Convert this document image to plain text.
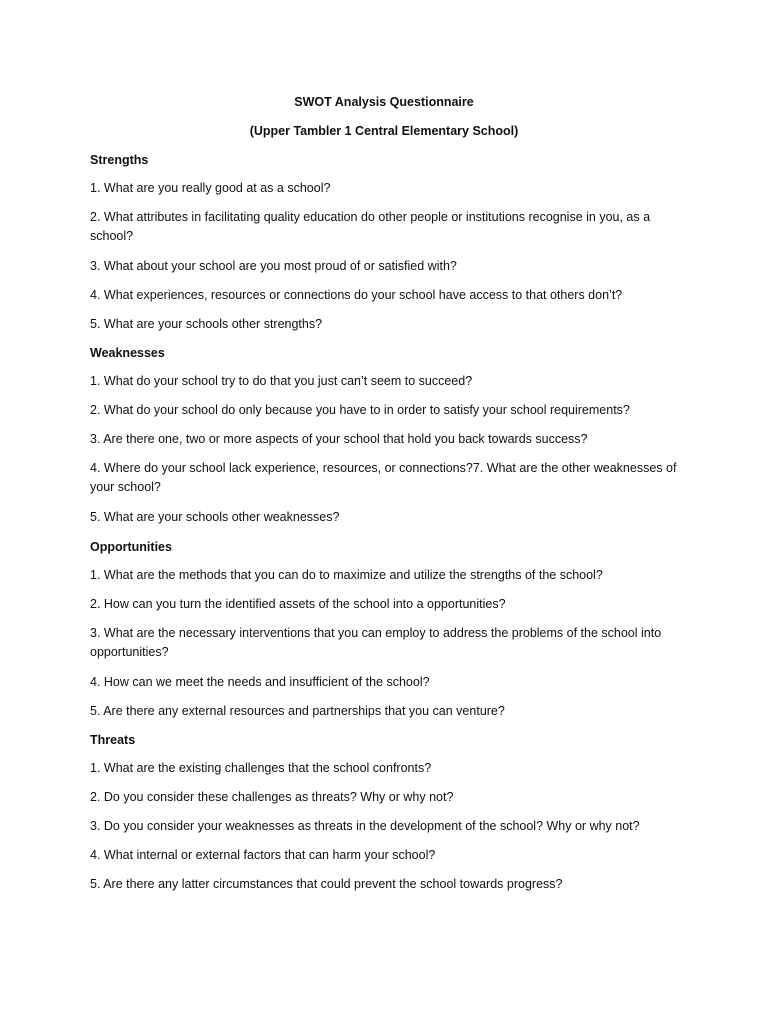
SWOT Analysis Questionnaire
(Upper Tambler 1 Central Elementary School)
Strengths

1. What are you really good at as a school?

2. What attributes in facilitating quality education do other people or institutions recognise in you, as a school?

3. What about your school are you most proud of or satisfied with?

4. What experiences, resources or connections do your school have access to that others don’t?

5. What are your schools other strengths?

Weaknesses

1. What do your school try to do that you just can’t seem to succeed?

2. What do your school do only because you have to in order to satisfy your school requirements?

3. Are there one, two or more aspects of your school that hold you back towards success?

4. Where do your school lack experience, resources, or connections?7. What are the other weaknesses of your school?

5. What are your schools other weaknesses?

Opportunities

1. What are the methods that you can do to maximize and utilize the strengths of the school?

2. How can you turn the identified assets of the school into a opportunities?

3. What are the necessary interventions that you can employ to address the problems of the school into opportunities?

4. How can we meet the needs and insufficient of the school?

5. Are there any external resources and partnerships that you can venture?

Threats

1. What are the existing challenges that the school confronts?

2. Do you consider these challenges as threats? Why or why not?

3. Do you consider your weaknesses as threats in the development of the school? Why or why not?

4. What internal or external factors that can harm your school?

5. Are there any latter circumstances that could prevent the school towards progress?
